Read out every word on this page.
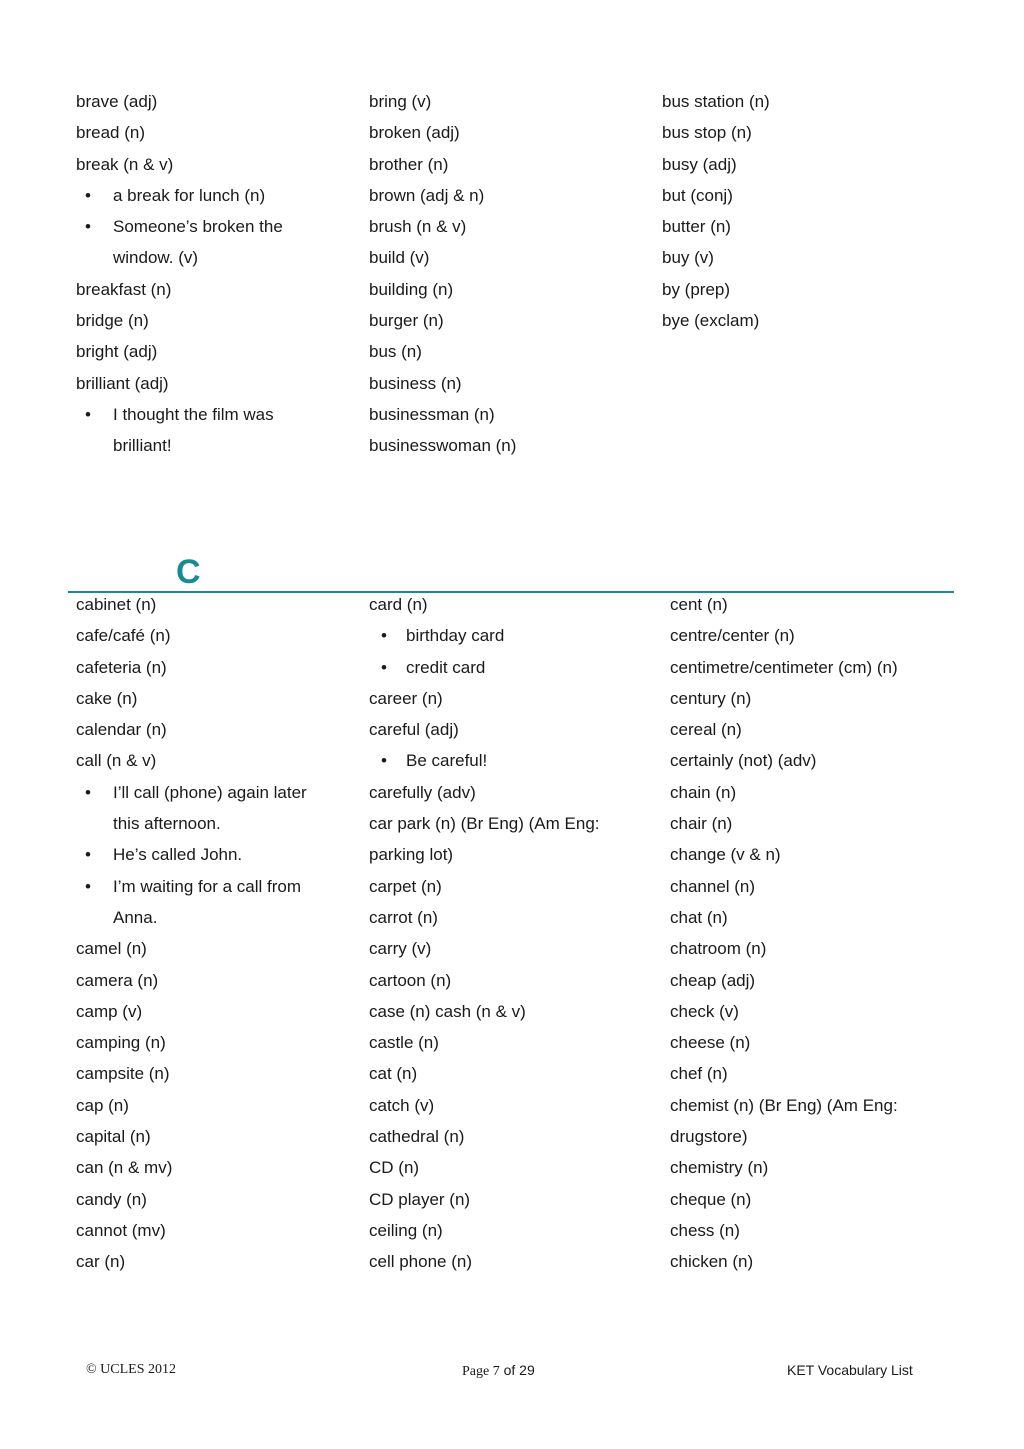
brave (adj)
bread (n)
break (n & v)
• a break for lunch (n)
• Someone’s broken the
window. (v)
breakfast (n)
bridge (n)
bright (adj)
brilliant (adj)
• I thought the film was
brilliant!
bring (v)
broken (adj)
brother (n)
brown (adj & n)
brush (n & v)
build (v)
building (n)
burger (n)
bus (n)
business (n)
businessman (n)
businesswoman (n)
bus station (n)
bus stop (n)
busy (adj)
but (conj)
butter (n)
buy (v)
by (prep)
bye (exclam)
C
cabinet (n)
cafe/café (n)
cafeteria (n)
cake (n)
calendar (n)
call (n & v)
• I’ll call (phone) again later
this afternoon.
• He’s called John.
• I’m waiting for a call from
Anna.
camel (n)
camera (n)
camp (v)
camping (n)
campsite (n)
cap (n)
capital (n)
can (n & mv)
candy (n)
cannot (mv)
car (n)
card (n)
• birthday card
• credit card
career (n)
careful (adj)
• Be careful!
carefully (adv)
car park (n) (Br Eng) (Am Eng:
parking lot)
carpet (n)
carrot (n)
carry (v)
cartoon (n)
case (n) cash (n & v)
castle (n)
cat (n)
catch (v)
cathedral (n)
CD (n)
CD player (n)
ceiling (n)
cell phone (n)
cent (n)
centre/center (n)
centimetre/centimeter (cm) (n)
century (n)
cereal (n)
certainly (not) (adv)
chain (n)
chair (n)
change (v & n)
channel (n)
chat (n)
chatroom (n)
cheap (adj)
check (v)
cheese (n)
chef (n)
chemist (n) (Br Eng) (Am Eng:
drugstore)
chemistry (n)
cheque (n)
chess (n)
chicken (n)
© UCLES 2012	Page 7 of 29	KET Vocabulary List
